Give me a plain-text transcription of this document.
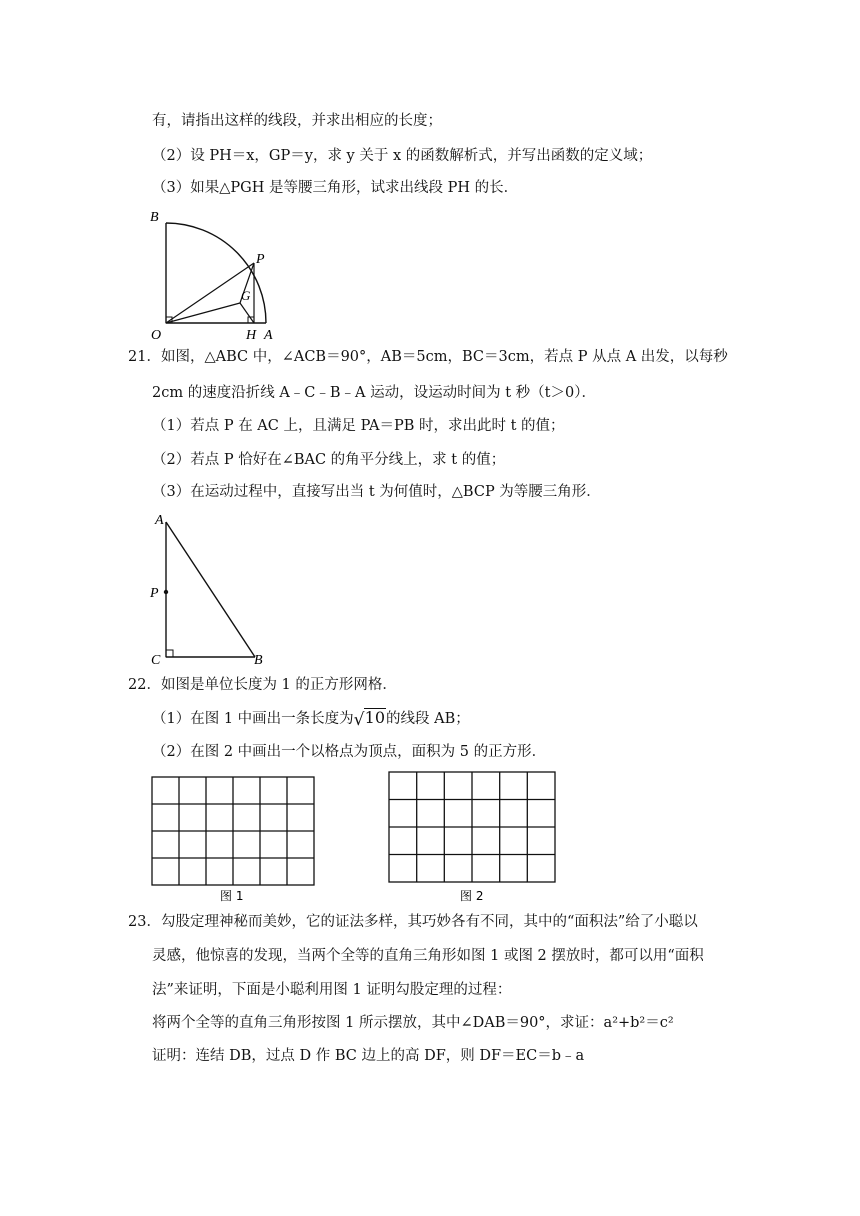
有，请指出这样的线段，并求出相应的长度；
（2）设 PH＝x，GP＝y，求 y 关于 x 的函数解析式，并写出函数的定义域；
（3）如果△PGH 是等腰三角形，试求出线段 PH 的长．
B
P
G
O	H A
21．如图，△ABC 中，∠ACB＝90°，AB＝5cm，BC＝3cm，若点 P 从点 A 出发，以每秒
2cm 的速度沿折线 A﹣C﹣B﹣A 运动，设运动时间为 t 秒（t＞0）．
（1）若点 P 在 AC 上，且满足 PA＝PB 时，求出此时 t 的值；
（2）若点 P 恰好在∠BAC 的角平分线上，求 t 的值；
（3）在运动过程中，直接写出当 t 为何值时，△BCP 为等腰三角形．
A
P
C	B
22．如图是单位长度为 1 的正方形网格．
（1）在图 1 中画出一条长度为√10的线段 AB；
（2）在图 2 中画出一个以格点为顶点，面积为 5 的正方形．
图 1	图 2
23．勾股定理神秘而美妙，它的证法多样，其巧妙各有不同，其中的“面积法”给了小聪以
灵感，他惊喜的发现，当两个全等的直角三角形如图 1 或图 2 摆放时，都可以用“面积
法”来证明，下面是小聪利用图 1 证明勾股定理的过程：
将两个全等的直角三角形按图 1 所示摆放，其中∠DAB＝90°，求证：a²+b²＝c²
证明：连结 DB，过点 D 作 BC 边上的高 DF，则 DF＝EC＝b﹣a
